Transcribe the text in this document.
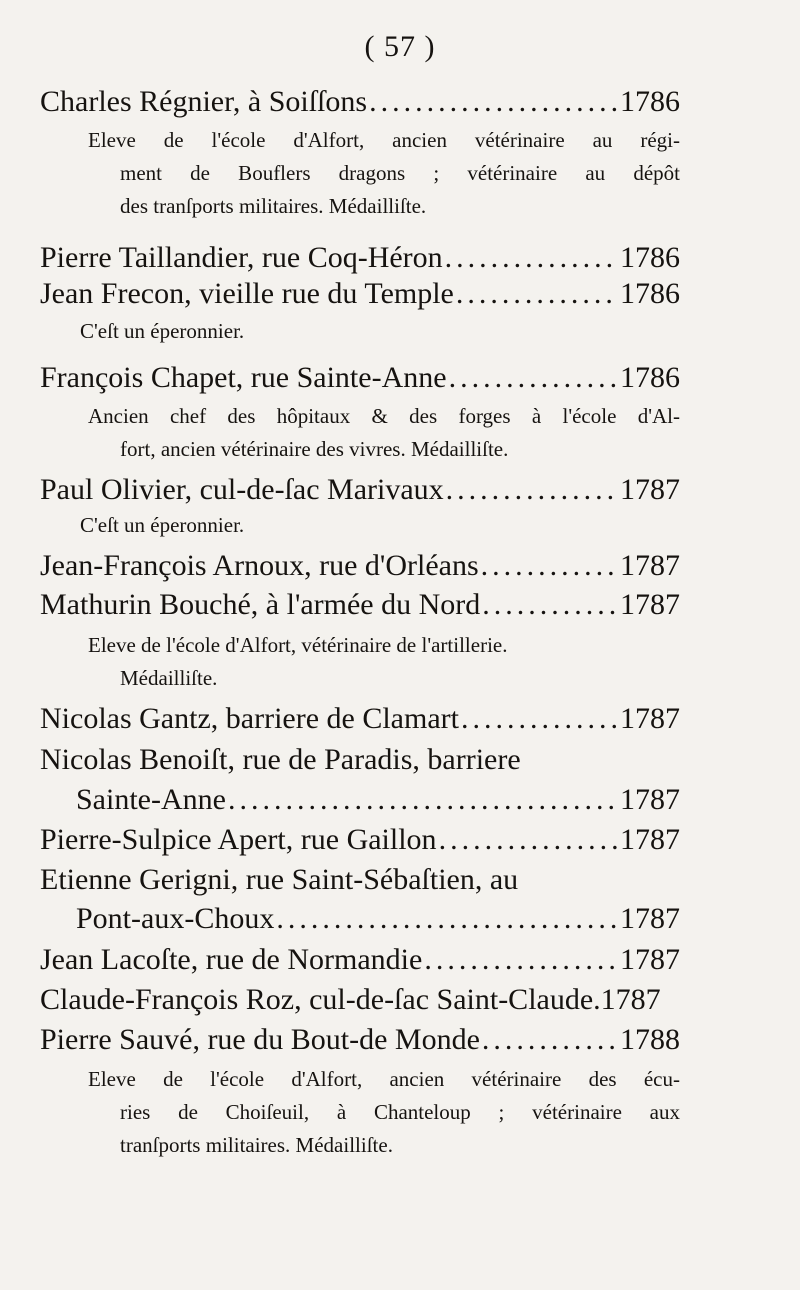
( 57 )
Charles Régnier, à Soiſſons .....	1786
Eleve de l'école d'Alfort, ancien vétérinaire au régi-
ment de Bouflers dragons ; vétérinaire au dépôt
des tranſports militaires. Médailliſte.
Pierre Taillandier, rue Coq-Héron .....	1786
Jean Frecon, vieille rue du Temple .....	1786
C'eſt un éperonnier.
François Chapet, rue Sainte-Anne .....	1786
Ancien chef des hôpitaux & des forges à l'école d'Al-
fort, ancien vétérinaire des vivres. Médailliſte.
Paul Olivier, cul-de-ſac Marivaux .....	1787
C'eſt un éperonnier.
Jean-François Arnoux, rue d'Orléans .....	1787
Mathurin Bouché, à l'armée du Nord .....	1787
Eleve de l'école d'Alfort, vétérinaire de l'artillerie.
Médailliſte.
Nicolas Gantz, barriere de Clamart .....	1787
Nicolas Benoiſt, rue de Paradis, barriere
Sainte-Anne .....	1787
Pierre-Sulpice Apert, rue Gaillon .....	1787
Etienne Gerigni, rue Saint-Sébaſtien, au
Pont-aux-Choux .....	1787
Jean Lacoſte, rue de Normandie .....	1787
Claude-François Roz, cul-de-ſac Saint-Claude. 1787
Pierre Sauvé, rue du Bout-de Monde .....	1788
Eleve de l'école d'Alfort, ancien vétérinaire des écu-
ries de Choiſeuil, à Chanteloup ; vétérinaire aux
tranſports militaires. Médailliſte.
